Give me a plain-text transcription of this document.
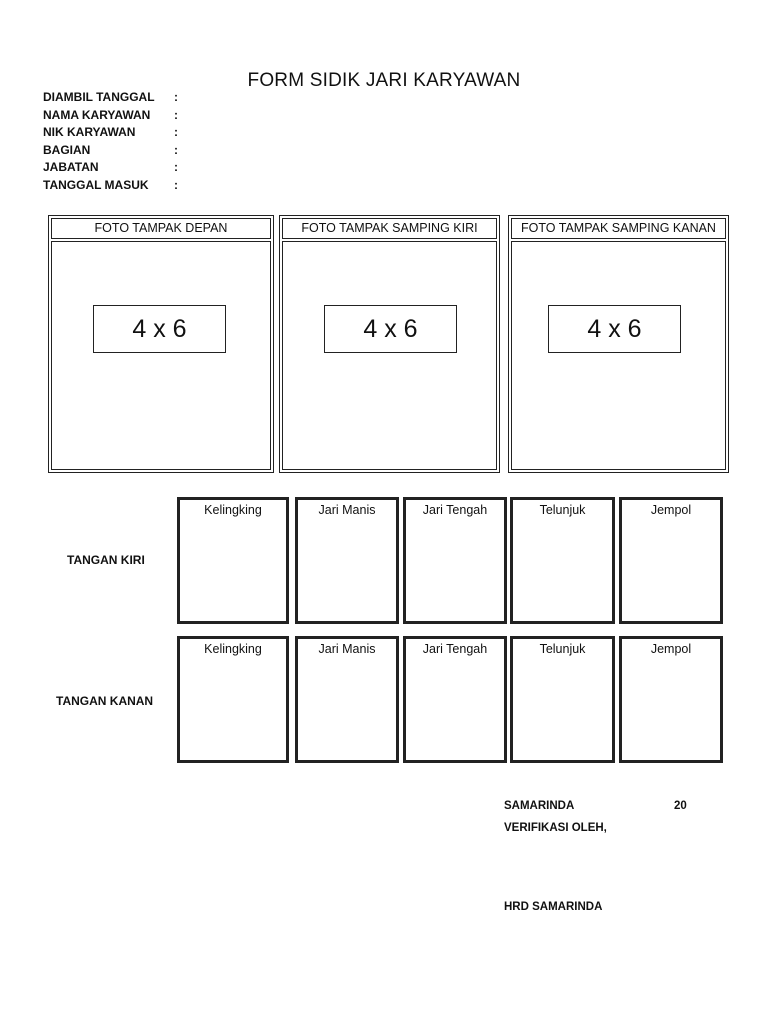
FORM SIDIK JARI KARYAWAN
DIAMBIL TANGGAL :
NAMA KARYAWAN :
NIK KARYAWAN	:
BAGIAN	:
JABATAN	:
TANGGAL MASUK :
FOTO TAMPAK DEPAN
4 x 6
FOTO TAMPAK SAMPING KIRI
4 x 6
FOTO TAMPAK SAMPING KANAN
4 x 6
TANGAN KIRI
Kelingking	Jari Manis	Jari Tengah	Telunjuk	Jempol
TANGAN KANAN
Kelingking	Jari Manis	Jari Tengah	Telunjuk	Jempol
SAMARINDA	20
VERIFIKASI OLEH,
HRD SAMARINDA
